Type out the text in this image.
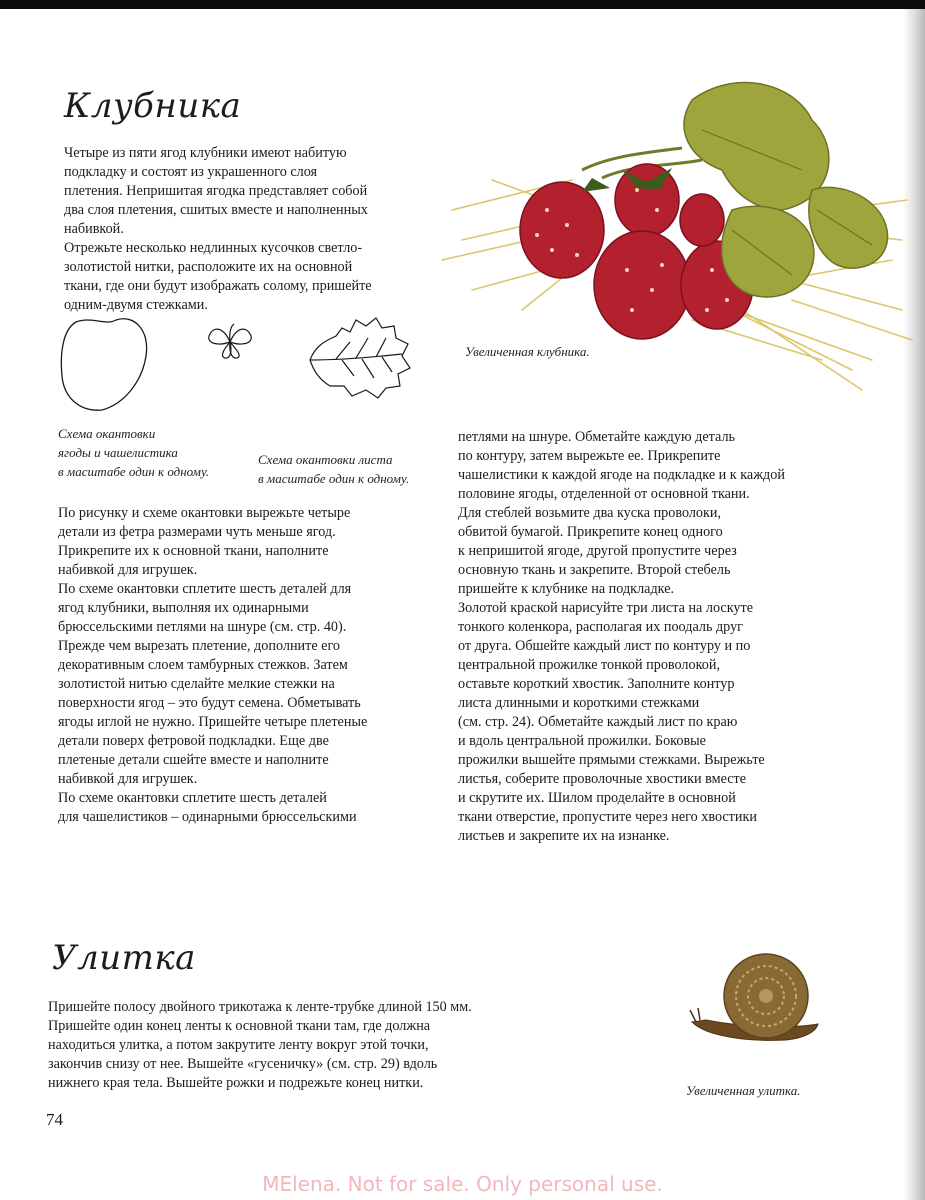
Клубника

Четыре из пяти ягод клубники имеют набитую

подкладку и состоят из украшенного слоя

плетения. Непришитая ягодка представляет собой

два слоя плетения, сшитых вместе и наполненных

набивкой.

Отрежьте несколько недлинных кусочков светло-

золотистой нитки, расположите их на основной

ткани, где они будут изображать солому, пришейте

одним-двумя стежками.

Схема окантовки
ягоды и чашелистика
в масштабе один к одному.
Схема окантовки листа
в масштабе один к одному.
Увеличенная клубника.

По рисунку и схеме окантовки вырежьте четыре

детали из фетра размерами чуть меньше ягод.

Прикрепите их к основной ткани, наполните

набивкой для игрушек.

По схеме окантовки сплетите шесть деталей для

ягод клубники, выполняя их одинарными

брюссельскими петлями на шнуре (см. стр. 40).

Прежде чем вырезать плетение, дополните его

декоративным слоем тамбурных стежков. Затем

золотистой нитью сделайте мелкие стежки на

поверхности ягод – это будут семена. Обметывать

ягоды иглой не нужно. Пришейте четыре плетеные

детали поверх фетровой подкладки. Еще две

плетеные детали сшейте вместе и наполните

набивкой для игрушек.

По схеме окантовки сплетите шесть деталей

для чашелистиков – одинарными брюссельскими

петлями на шнуре. Обметайте каждую деталь

по контуру, затем вырежьте ее. Прикрепите

чашелистики к каждой ягоде на подкладке и к каждой

половине ягоды, отделенной от основной ткани.

Для стеблей возьмите два куска проволоки,

обвитой бумагой. Прикрепите конец одного

к непришитой ягоде, другой пропустите через

основную ткань и закрепите. Второй стебель

пришейте к клубнике на подкладке.

Золотой краской нарисуйте три листа на лоскуте

тонкого коленкора, располагая их поодаль друг

от друга. Обшейте каждый лист по контуру и по

центральной прожилке тонкой проволокой,

оставьте короткий хвостик. Заполните контур

листа длинными и короткими стежками

(см. стр. 24). Обметайте каждый лист по краю

и вдоль центральной прожилки. Боковые

прожилки вышейте прямыми стежками. Вырежьте

листья, соберите проволочные хвостики вместе

и скрутите их. Шилом проделайте в основной

ткани отверстие, пропустите через него хвостики

листьев и закрепите их на изнанке.

Улитка

Пришейте полосу двойного трикотажа к ленте-трубке длиной 150 мм.

Пришейте один конец ленты к основной ткани там, где должна

находиться улитка, а потом закрутите ленту вокруг этой точки,

закончив снизу от нее. Вышейте «гусеничку» (см. стр. 29) вдоль

нижнего края тела. Вышейте рожки и подрежьте конец нитки.	Увеличенная улитка.
74
MElena. Not for sale. Only personal use.
